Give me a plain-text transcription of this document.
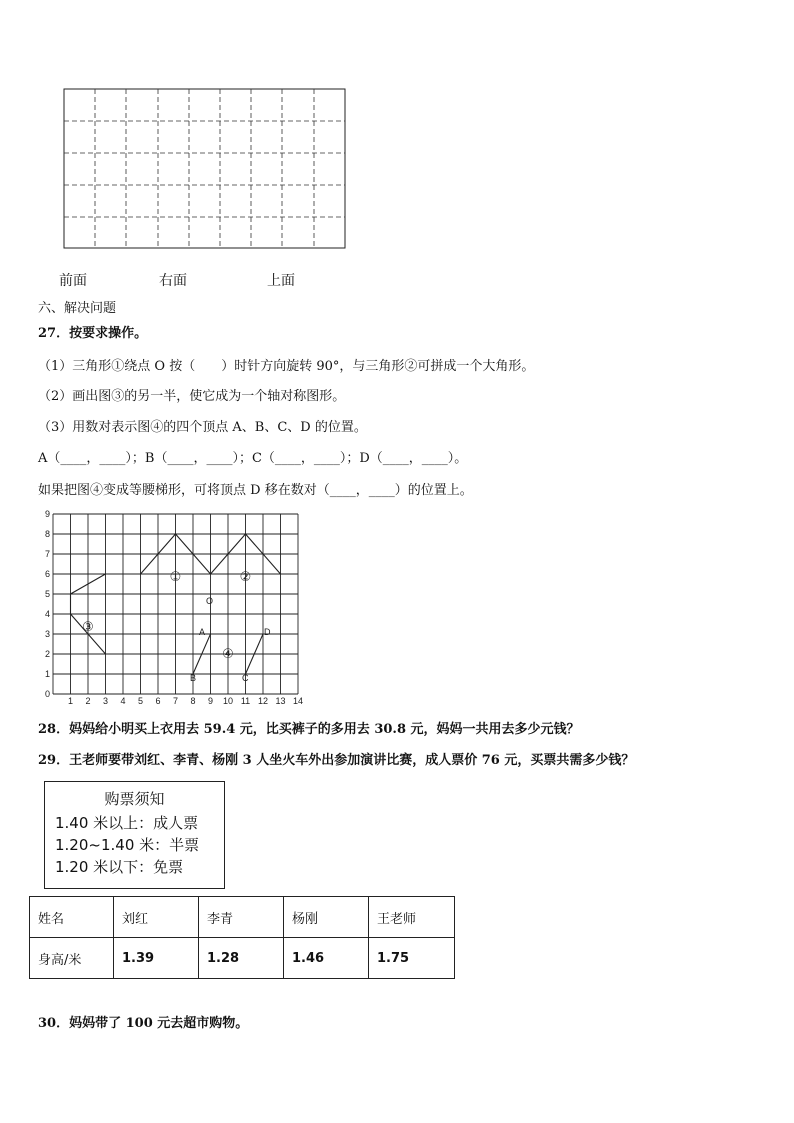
前面	右面	上面
六、解决问题
27．按要求操作。
（1）三角形①绕点 O 按（　　）时针方向旋转 90°，与三角形②可拼成一个大角形。
（2）画出图③的另一半，使它成为一个轴对称图形。
（3）用数对表示图④的四个顶点 A、B、C、D 的位置。
A（____，____）；B（____，____）；C（____，____）；D（____，____）。
如果把图④变成等腰梯形，可将顶点 D 移在数对（____，____）的位置上。
0
1
2
3
4
5
6
7
8
9
1 2 3 4 5 6 7 8 9 10 11 12 13 14
①	②
③
④
O
A
B	C
D
28．妈妈给小明买上衣用去 59.4 元，比买裤子的多用去 30.8 元，妈妈一共用去多少元钱？
29．王老师要带刘红、李青、杨刚 3 人坐火车外出参加演讲比赛，成人票价 76 元，买票共需多少钱？
购票须知
1.40 米以上：成人票
1.20~1.40 米：半票
1.20 米以下：免票
姓名	刘红	李青	杨刚	王老师
身高/米	1.39	1.28	1.46	1.75
30．妈妈带了 100 元去超市购物。
